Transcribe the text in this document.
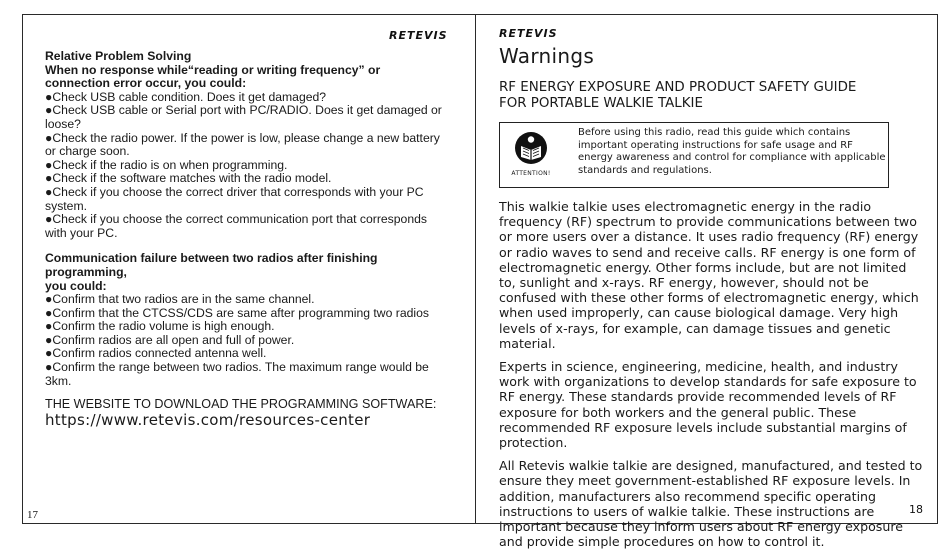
RETEVIS

Relative Problem Solving

When no response while“reading or writing frequency” or connection error occur, you could:

●Check USB cable condition. Does it get damaged?

●Check USB cable or Serial port with PC/RADIO. Does it get damaged or loose?

●Check the radio power. If the power is low, please change a new battery or charge soon.

●Check if the radio is on when programming.

●Check if the software matches with the radio model.

●Check if you choose the correct driver that corresponds with your PC system.

●Check if you choose the correct communication port that corresponds with your PC.

Communication failure between two radios after finishing programming,

you could:

●Confirm that two radios are in the same channel.

●Confirm that the CTCSS/CDS are same after programming two radios

●Confirm the radio volume is high enough.

●Confirm radios are all open and full of power.

●Confirm radios connected antenna well.

●Confirm the range between two radios. The maximum range would be 3km.

THE WEBSITE TO DOWNLOAD THE PROGRAMMING SOFTWARE:

https://www.retevis.com/resources-center

17
RETEVIS
Warnings
RF ENERGY EXPOSURE AND PRODUCT SAFETY GUIDE
FOR PORTABLE WALKIE TALKIE
ATTENTION!
Before using this radio, read this guide which contains important operating instructions for safe usage and RF energy awareness and control for compliance with applicable standards and regulations.

This walkie talkie uses electromagnetic energy in the radio frequency (RF) spectrum to provide communications between two or more users over a distance. It uses radio frequency (RF) energy or radio waves to send and receive calls. RF energy is one form of electromagnetic energy. Other forms include, but are not limited to, sunlight and x-rays. RF energy, however, should not be confused with these other forms of electromagnetic energy, which when used improperly, can cause biological damage. Very high levels of x-rays, for example, can damage tissues and genetic material.

Experts in science, engineering, medicine, health, and industry work with organizations to develop standards for safe exposure to RF energy. These standards provide recommended levels of RF exposure for both workers and the general public. These recommended RF exposure levels include substantial margins of protection.

All Retevis walkie talkie are designed, manufactured, and tested to ensure they meet government-established RF exposure levels. In addition, manufacturers also recommend specific operating instructions to users of walkie talkie. These instructions are important because they inform users about RF energy exposure and provide simple procedures on how to control it.

18
